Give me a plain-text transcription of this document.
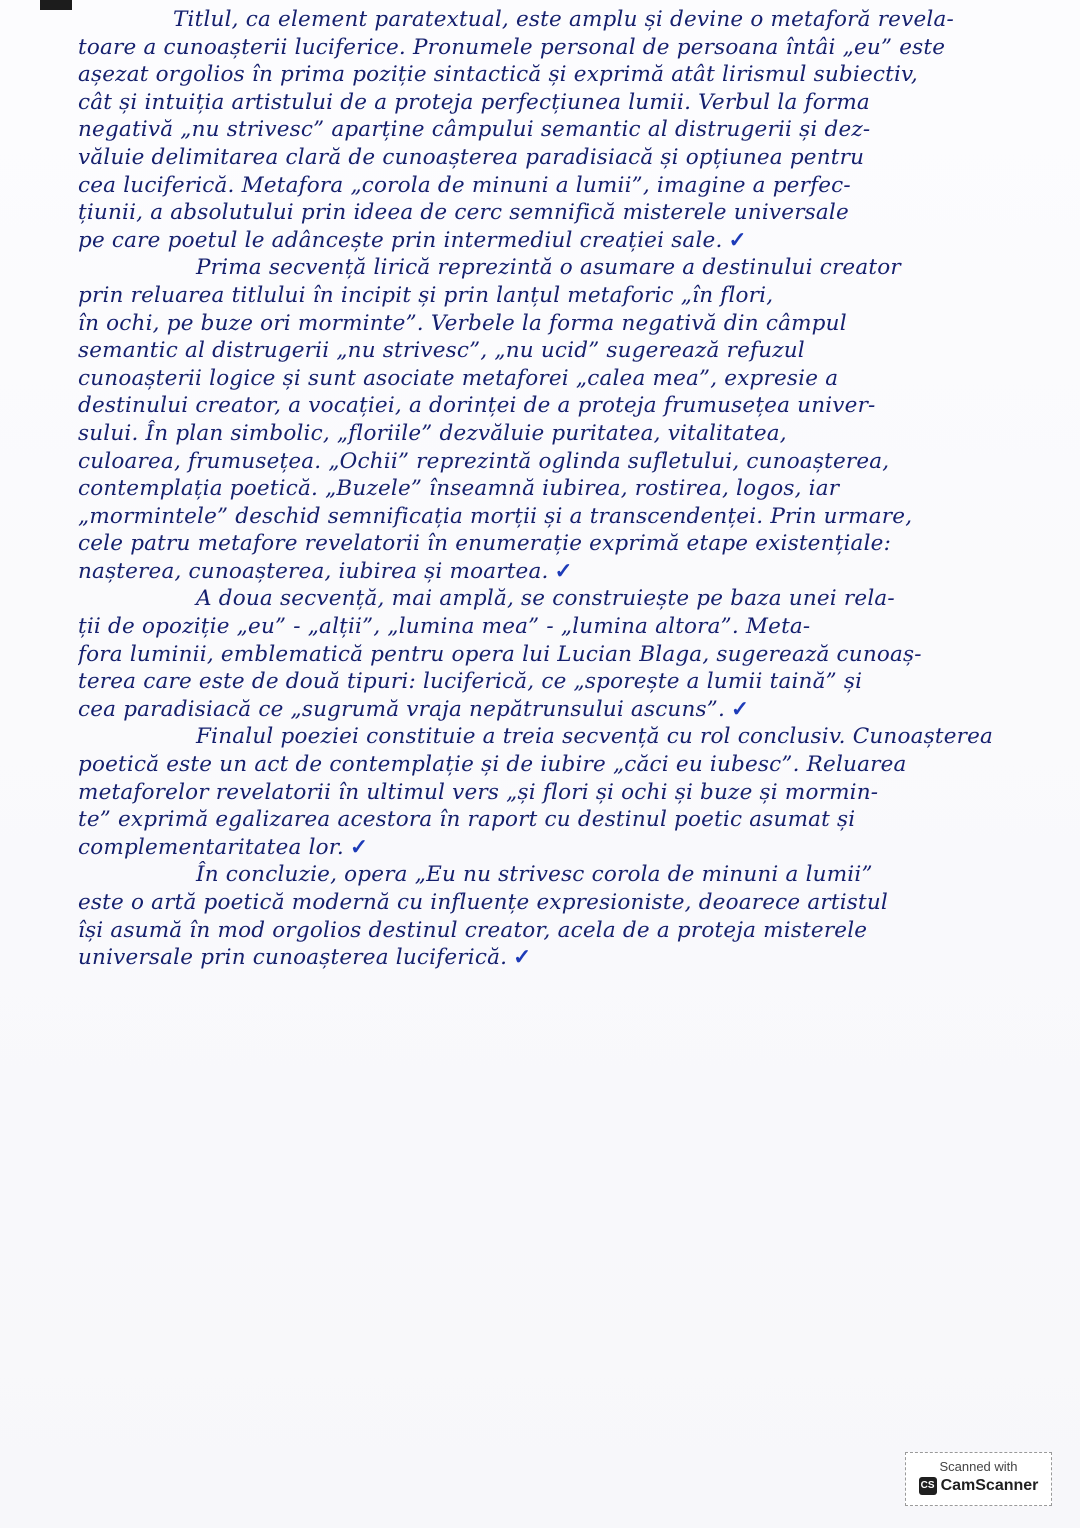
Titlul, ca element paratextual, este amplu și devine o metaforă revela-
toare a cunoașterii luciferice. Pronumele personal de persoana întâi „eu” este
așezat orgolios în prima poziție sintactică și exprimă atât lirismul subiectiv,
cât și intuiția artistului de a proteja perfecțiunea lumii. Verbul la forma
negativă „nu strivesc” aparține câmpului semantic al distrugerii și dez-
văluie delimitarea clară de cunoașterea paradisiacă și opțiunea pentru
cea luciferică. Metafora „corola de minuni a lumii”, imagine a perfec-
țiunii, a absolutului prin ideea de cerc semnifică misterele universale
pe care poetul le adâncește prin intermediul creației sale. ✓
Prima secvență lirică reprezintă o asumare a destinului creator
prin reluarea titlului în incipit și prin lanțul metaforic „în flori,
în ochi, pe buze ori morminte”. Verbele la forma negativă din câmpul
semantic al distrugerii „nu strivesc”, „nu ucid” sugerează refuzul
cunoașterii logice și sunt asociate metaforei „calea mea”, expresie a
destinului creator, a vocației, a dorinței de a proteja frumusețea univer-
sului. În plan simbolic, „floriile” dezvăluie puritatea, vitalitatea,
culoarea, frumusețea. „Ochii” reprezintă oglinda sufletului, cunoașterea,
contemplația poetică. „Buzele” înseamnă iubirea, rostirea, logos, iar
„mormintele” deschid semnificația morții și a transcendenței. Prin urmare,
cele patru metafore revelatorii în enumerație exprimă etape existențiale:
nașterea, cunoașterea, iubirea și moartea. ✓
A doua secvență, mai amplă, se construiește pe baza unei rela-
ții de opoziție „eu” - „alții”, „lumina mea” - „lumina altora”. Meta-
fora luminii, emblematică pentru opera lui Lucian Blaga, sugerează cunoaș-
terea care este de două tipuri: luciferică, ce „sporește a lumii taină” și
cea paradisiacă ce „sugrumă vraja nepătrunsului ascuns”. ✓
Finalul poeziei constituie a treia secvență cu rol conclusiv. Cunoașterea
poetică este un act de contemplație și de iubire „căci eu iubesc”. Reluarea
metaforelor revelatorii în ultimul vers „și flori și ochi și buze și mormin-
te” exprimă egalizarea acestora în raport cu destinul poetic asumat și
complementaritatea lor. ✓
În concluzie, opera „Eu nu strivesc corola de minuni a lumii”
este o artă poetică modernă cu influențe expresioniste, deoarece artistul
își asumă în mod orgolios destinul creator, acela de a proteja misterele
universale prin cunoașterea luciferică. ✓
Scanned with
CS CamScanner
